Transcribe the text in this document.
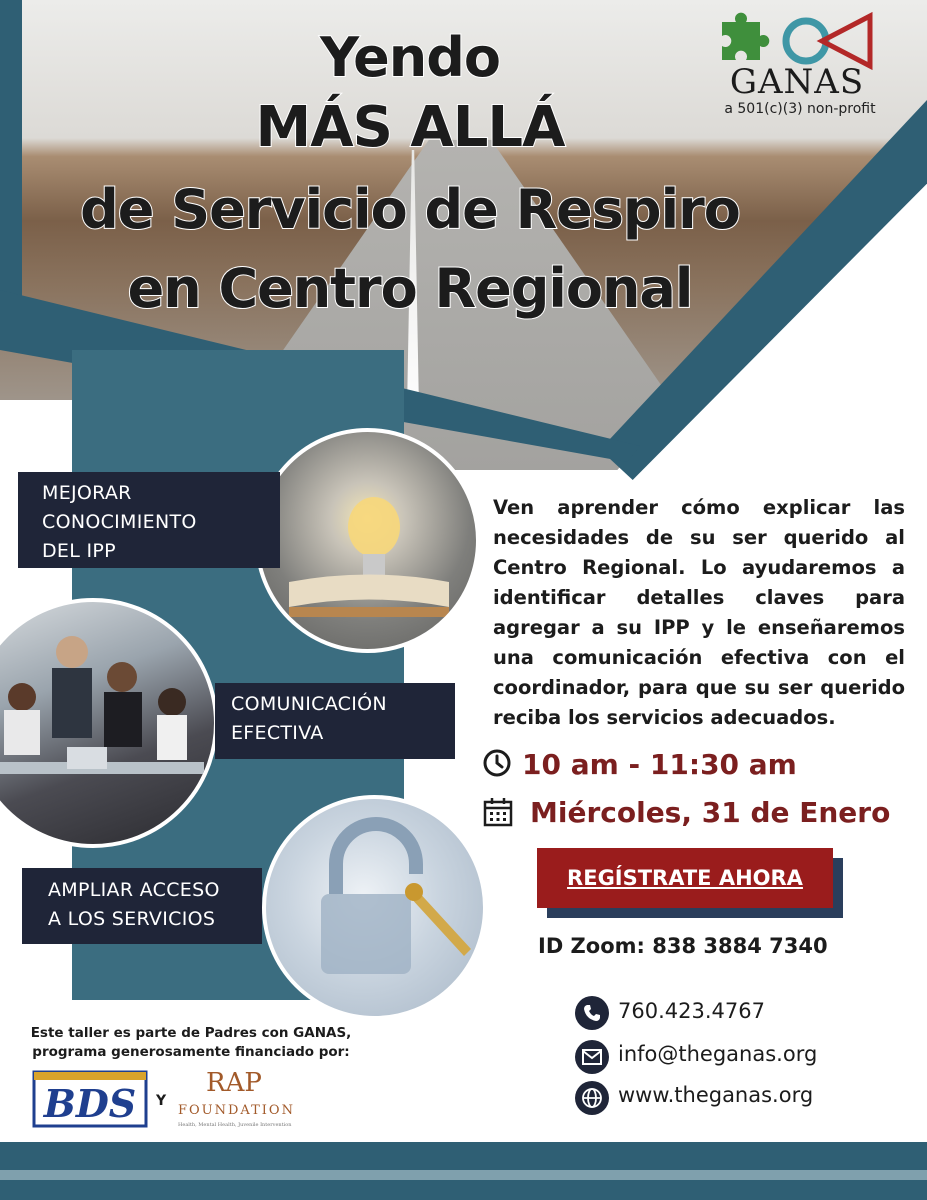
Yendo
MÁS ALLÁ
de Servicio de Respiro
en Centro Regional
GANAS
a 501(c)(3) non-profit
MEJORAR
CONOCIMIENTO
DEL IPP
COMUNICACIÓN
EFECTIVA
AMPLIAR ACCESO
A LOS SERVICIOS
Ven aprender cómo explicar las necesidades de su ser querido al Centro Regional. Lo ayudaremos a identificar detalles claves para agregar a su IPP y le enseñaremos una comunicación efectiva con el coordinador, para que su ser querido reciba los servicios adecuados.
10 am - 11:30 am
Miércoles, 31 de Enero
REGÍSTRATE AHORA
ID Zoom: 838 3884 7340
760.423.4767
info@theganas.org
www.theganas.org
Este taller es parte de Padres con GANAS,
programa generosamente financiado por:
BDS Y
RAP
FOUNDATION
Health, Mental Health, Juvenile Intervention
